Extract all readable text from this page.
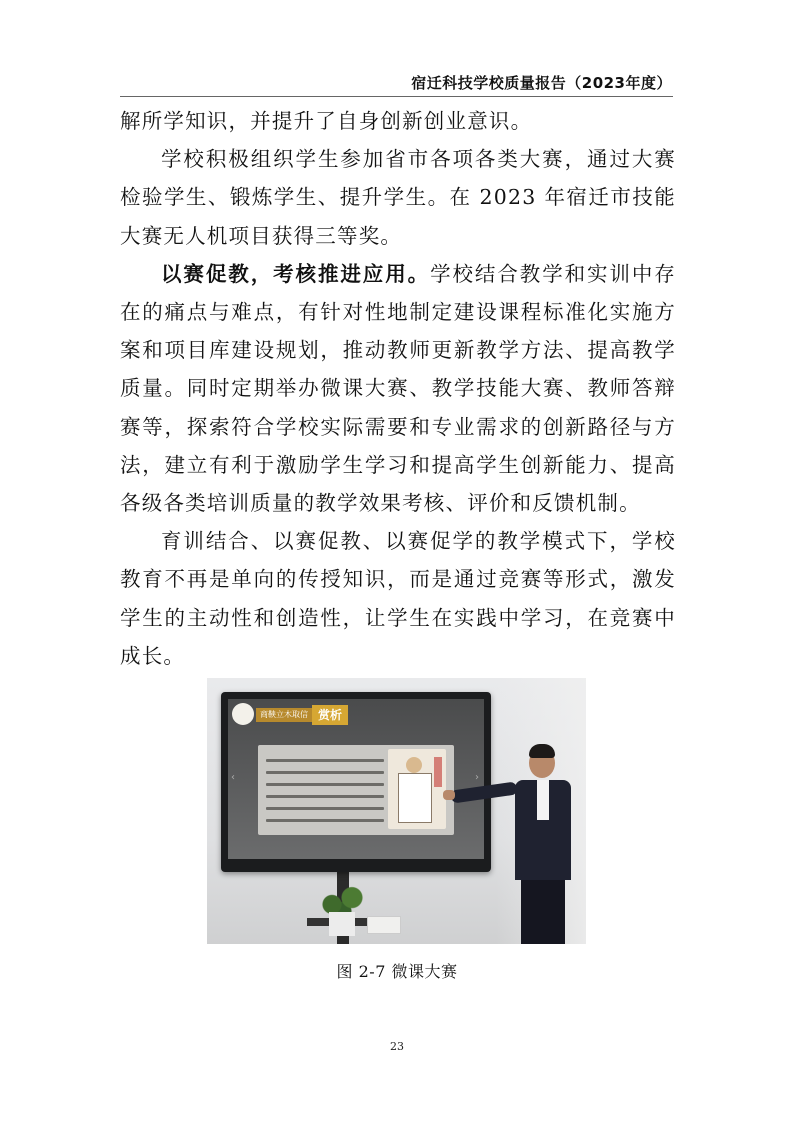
宿迁科技学校质量报告（2023年度）

解所学知识，并提升了自身创新创业意识。

学校积极组织学生参加省市各项各类大赛，通过大赛检验学生、锻炼学生、提升学生。在 2023 年宿迁市技能大赛无人机项目获得三等奖。

以赛促教，考核推进应用。学校结合教学和实训中存在的痛点与难点，有针对性地制定建设课程标准化实施方案和项目库建设规划，推动教师更新教学方法、提高教学质量。同时定期举办微课大赛、教学技能大赛、教师答辩赛等，探索符合学校实际需要和专业需求的创新路径与方法，建立有利于激励学生学习和提高学生创新能力、提高各级各类培训质量的教学效果考核、评价和反馈机制。

育训结合、以赛促教、以赛促学的教学模式下，学校教育不再是单向的传授知识，而是通过竞赛等形式，激发学生的主动性和创造性，让学生在实践中学习，在竞赛中成长。

商鞅立木取信 赏析
‹	›
图 2-7 微课大赛
23
